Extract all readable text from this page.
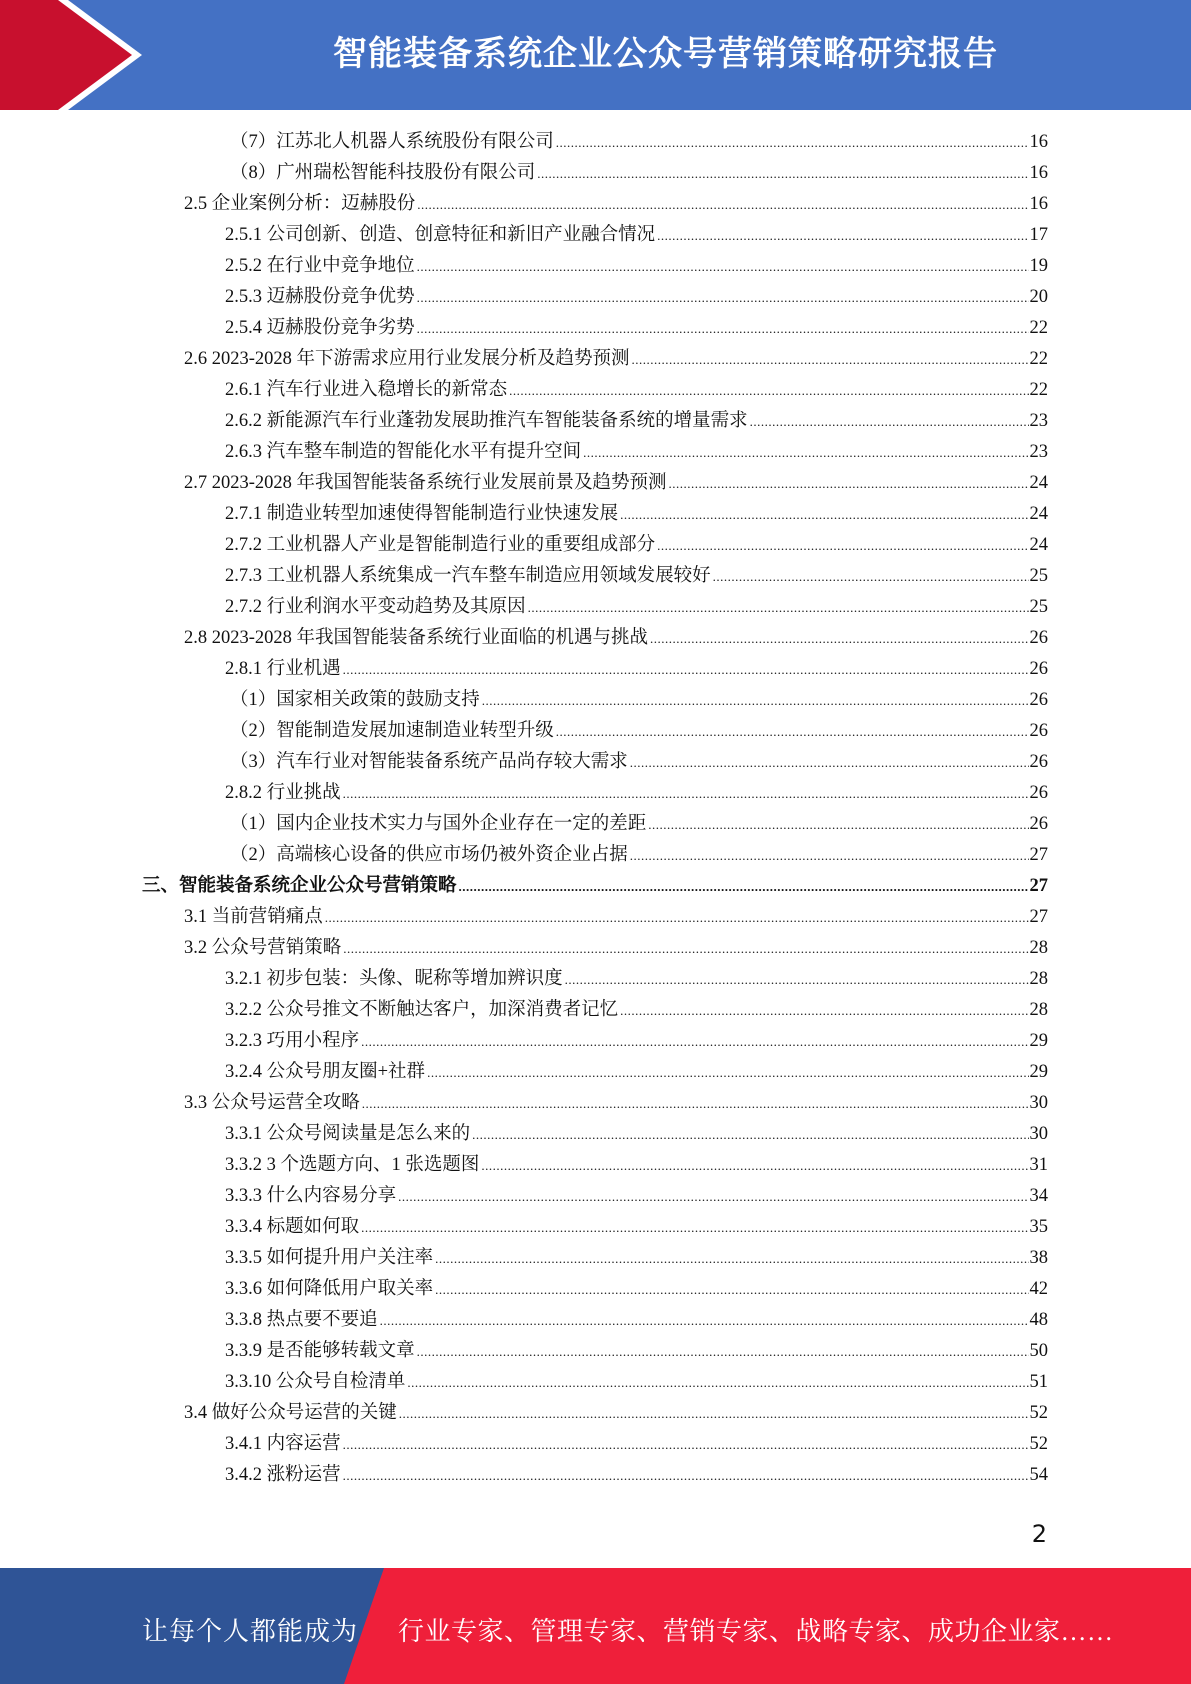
智能装备系统企业公众号营销策略研究报告
（7）江苏北人机器人系统股份有限公司 .....	16
（8）广州瑞松智能科技股份有限公司 .....	16
2.5 企业案例分析：迈赫股份 .....	16
2.5.1 公司创新、创造、创意特征和新旧产业融合情况 .....	17
2.5.2 在行业中竞争地位 .....	19
2.5.3 迈赫股份竞争优势 .....	20
2.5.4 迈赫股份竞争劣势 .....	22
2.6 2023-2028 年下游需求应用行业发展分析及趋势预测 .....	22
2.6.1 汽车行业进入稳增长的新常态 .....	22
2.6.2 新能源汽车行业蓬勃发展助推汽车智能装备系统的增量需求 .....	23
2.6.3 汽车整车制造的智能化水平有提升空间 .....	23
2.7 2023-2028 年我国智能装备系统行业发展前景及趋势预测 .....	24
2.7.1 制造业转型加速使得智能制造行业快速发展 .....	24
2.7.2 工业机器人产业是智能制造行业的重要组成部分 .....	24
2.7.3 工业机器人系统集成一汽车整车制造应用领域发展较好 .....	25
2.7.2 行业利润水平变动趋势及其原因 .....	25
2.8 2023-2028 年我国智能装备系统行业面临的机遇与挑战 .....	26
2.8.1 行业机遇 .....	26
（1）国家相关政策的鼓励支持 .....	26
（2）智能制造发展加速制造业转型升级 .....	26
（3）汽车行业对智能装备系统产品尚存较大需求 .....	26
2.8.2 行业挑战 .....	26
（1）国内企业技术实力与国外企业存在一定的差距 .....	26
（2）高端核心设备的供应市场仍被外资企业占据 .....	27
三、智能装备系统企业公众号营销策略 .....	27
3.1 当前营销痛点 .....	27
3.2 公众号营销策略 .....	28
3.2.1 初步包装：头像、昵称等增加辨识度 .....	28
3.2.2 公众号推文不断触达客户，加深消费者记忆 .....	28
3.2.3 巧用小程序 .....	29
3.2.4 公众号朋友圈+社群 .....	29
3.3 公众号运营全攻略 .....	30
3.3.1 公众号阅读量是怎么来的 .....	30
3.3.2 3 个选题方向、1 张选题图 .....	31
3.3.3 什么内容易分享 .....	34
3.3.4 标题如何取 .....	35
3.3.5 如何提升用户关注率 .....	38
3.3.6 如何降低用户取关率 .....	42
3.3.8 热点要不要追 .....	48
3.3.9 是否能够转载文章 .....	50
3.3.10 公众号自检清单 .....	51
3.4 做好公众号运营的关键 .....	52
3.4.1 内容运营 .....	52
3.4.2 涨粉运营 .....	54
2
让每个人都能成为 行业专家、管理专家、营销专家、战略专家、成功企业家……
